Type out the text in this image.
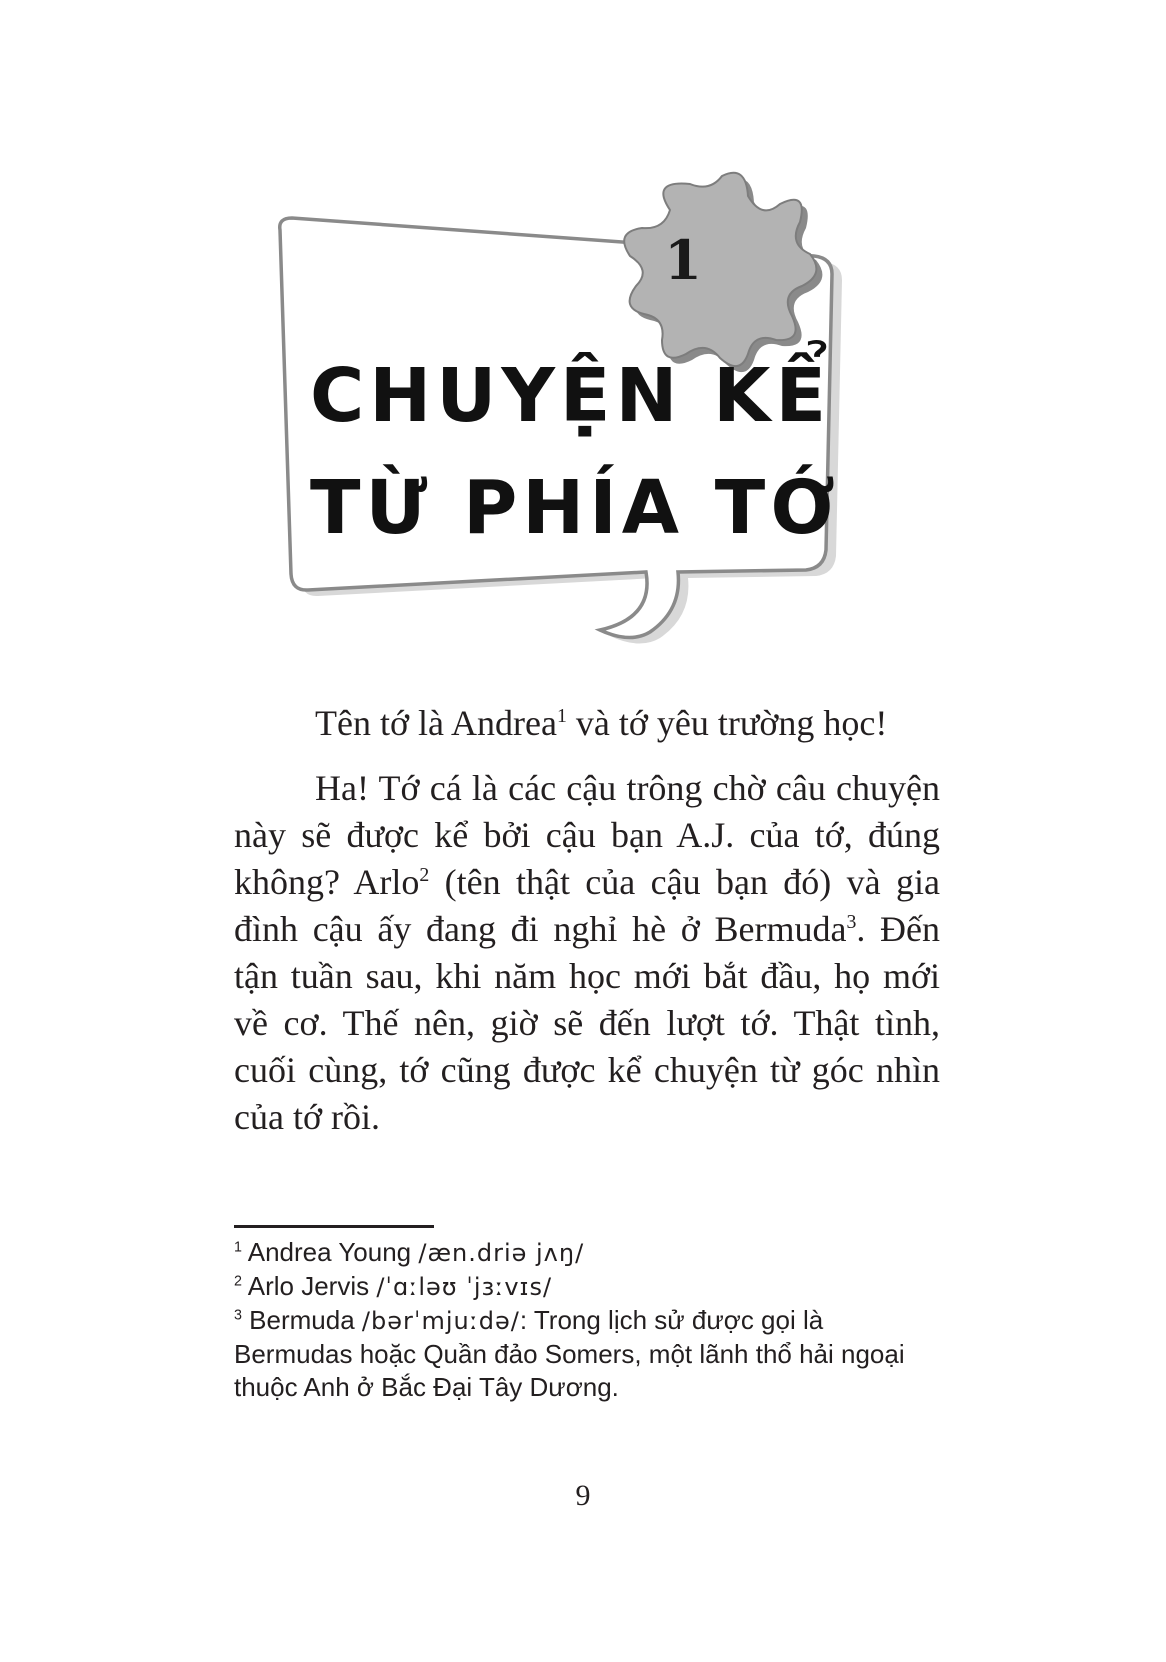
1
CHUYỆN KỂ
TỪ PHÍA TỚ

Tên tớ là Andrea$^1$ và tớ yêu trường học!

Ha! Tớ cá là các cậu trông chờ câu chuyện này sẽ được kể bởi cậu bạn A.J. của tớ, đúng không? Arlo$^2$ (tên thật của cậu bạn đó) và gia đình cậu ấy đang đi nghỉ hè ở Bermuda$^3$. Đến tận tuần sau, khi năm học mới bắt đầu, họ mới về cơ. Thế nên, giờ sẽ đến lượt tớ. Thật tình, cuối cùng, tớ cũng được kể chuyện từ góc nhìn của tớ rồi.

$^1$ Andrea Young /æn.driə jʌŋ/

$^2$ Arlo Jervis /ˈɑːləʊ ˈjɜːvɪs/

$^3$ Bermuda /bərˈmjuːdə/: Trong lịch sử được gọi là Bermudas hoặc Quần đảo Somers, một lãnh thổ hải ngoại thuộc Anh ở Bắc Đại Tây Dương.

9
